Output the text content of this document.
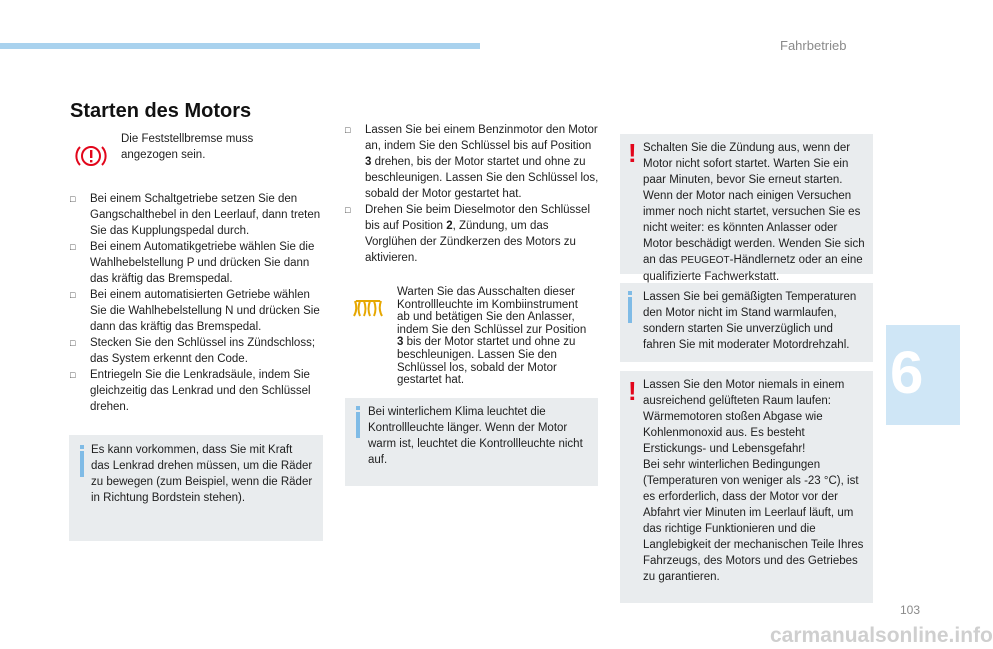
Fahrbetrieb
6
103
carmanualsonline.info
Starten des Motors
Die Feststellbremse muss angezogen sein.
□ Bei einem Schaltgetriebe setzen Sie den Gangschalthebel in den Leerlauf, dann treten Sie das Kupplungspedal durch.
□ Bei einem Automatikgetriebe wählen Sie die Wahlhebelstellung P und drücken Sie dann das kräftig das Bremspedal.
□ Bei einem automatisierten Getriebe wählen Sie die Wahlhebelstellung N und drücken Sie dann das kräftig das Bremspedal.
□ Stecken Sie den Schlüssel ins Zündschloss; das System erkennt den Code.
□ Entriegeln Sie die Lenkradsäule, indem Sie gleichzeitig das Lenkrad und den Schlüssel drehen.
Es kann vorkommen, dass Sie mit Kraft das Lenkrad drehen müssen, um die Räder zu bewegen (zum Beispiel, wenn die Räder in Richtung Bordstein stehen).
□ Lassen Sie bei einem Benzinmotor den Motor an, indem Sie den Schlüssel bis auf Position 3 drehen, bis der Motor startet und ohne zu beschleunigen. Lassen Sie den Schlüssel los, sobald der Motor gestartet hat.
□ Drehen Sie beim Dieselmotor den Schlüssel bis auf Position 2, Zündung, um das Vorglühen der Zündkerzen des Motors zu aktivieren.
Warten Sie das Ausschalten dieser Kontrollleuchte im Kombiinstrument ab und betätigen Sie den Anlasser, indem Sie den Schlüssel zur Position 3 bis der Motor startet und ohne zu beschleunigen. Lassen Sie den Schlüssel los, sobald der Motor gestartet hat.
Bei winterlichem Klima leuchtet die Kontrollleuchte länger. Wenn der Motor warm ist, leuchtet die Kontrollleuchte nicht auf.
! Schalten Sie die Zündung aus, wenn der Motor nicht sofort startet. Warten Sie ein paar Minuten, bevor Sie erneut starten. Wenn der Motor nach einigen Versuchen immer noch nicht startet, versuchen Sie es nicht weiter: es könnten Anlasser oder Motor beschädigt werden. Wenden Sie sich an das PEUGEOT-Händlernetz oder an eine qualifizierte Fachwerkstatt.
Lassen Sie bei gemäßigten Temperaturen den Motor nicht im Stand warmlaufen, sondern starten Sie unverzüglich und fahren Sie mit moderater Motordrehzahl.
! Lassen Sie den Motor niemals in einem ausreichend gelüfteten Raum laufen: Wärmemotoren stoßen Abgase wie Kohlenmonoxid aus. Es besteht Erstickungs- und Lebensgefahr!
Bei sehr winterlichen Bedingungen (Temperaturen von weniger als -23 °C), ist es erforderlich, dass der Motor vor der Abfahrt vier Minuten im Leerlauf läuft, um das richtige Funktionieren und die Langlebigkeit der mechanischen Teile Ihres Fahrzeugs, des Motors und des Getriebes zu garantieren.
